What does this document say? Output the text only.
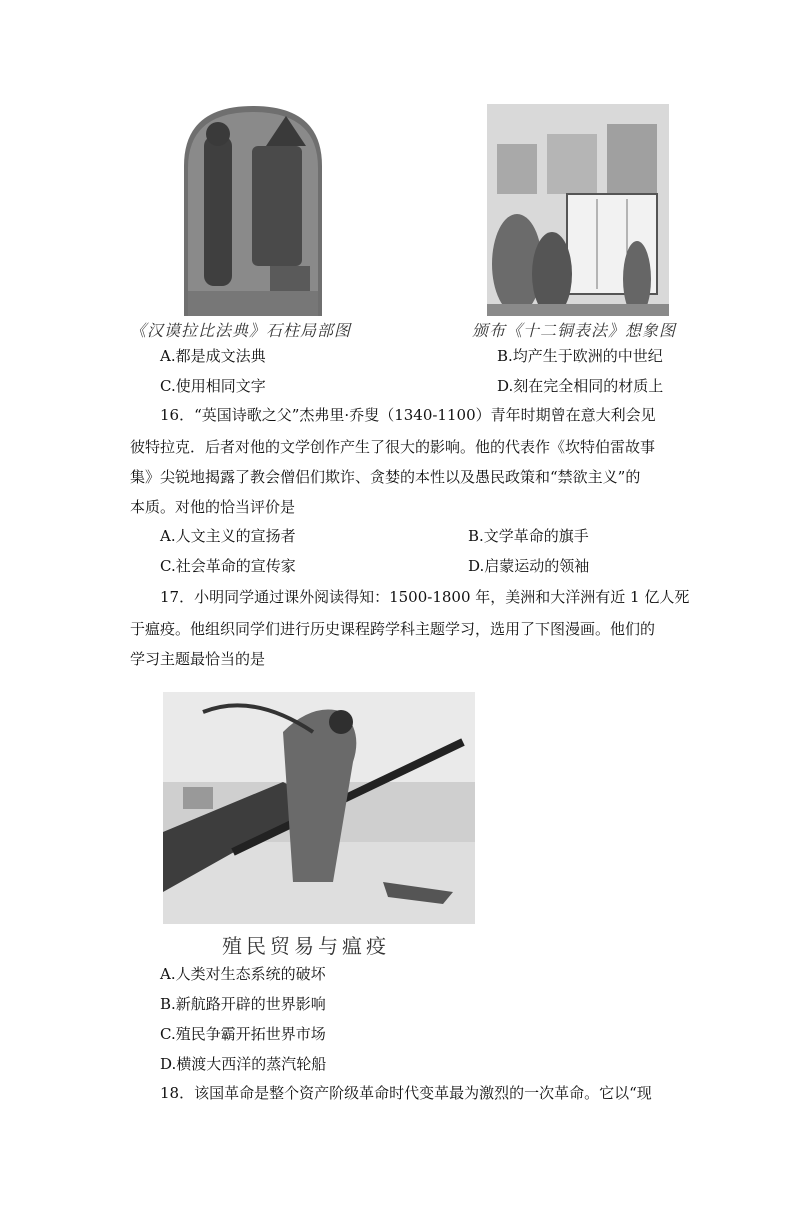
《汉谟拉比法典》石柱局部图	颁布《十二铜表法》想象图
A.都是成文法典	B.均产生于欧洲的中世纪
C.使用相同文字	D.刻在完全相同的材质上
16．“英国诗歌之父”杰弗里·乔叟（1340-1100）青年时期曾在意大利会见
彼特拉克．后者对他的文学创作产生了很大的影响。他的代表作《坎特伯雷故事
集》尖锐地揭露了教会僧侣们欺诈、贪婪的本性以及愚民政策和“禁欲主义”的
本质。对他的恰当评价是
A.人文主义的宣扬者	B.文学革命的旗手
C.社会革命的宣传家	D.启蒙运动的领袖
17．小明同学通过课外阅读得知：1500-1800 年，美洲和大洋洲有近 1 亿人死
于瘟疫。他组织同学们进行历史课程跨学科主题学习，选用了下图漫画。他们的
学习主题最恰当的是
殖民贸易与瘟疫
A.人类对生态系统的破坏
B.新航路开辟的世界影响
C.殖民争霸开拓世界市场
D.横渡大西洋的蒸汽轮船
18．该国革命是整个资产阶级革命时代变革最为激烈的一次革命。它以“现
